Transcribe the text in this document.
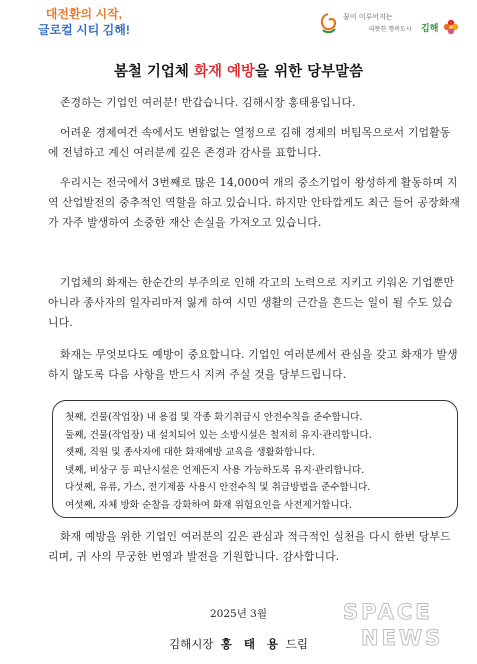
대전환의 시작,
글로컬 시티 김해!
꿈이 이루어지는
따뜻한 행복도시 김해
봄철 기업체 화재 예방을 위한 당부말씀
존경하는 기업인 여러분! 반갑습니다. 김해시장 홍태용입니다.
어려운 경제여건 속에서도 변함없는 열정으로 김해 경제의 버팀목으로서 기업활동에 전념하고 계신 여러분께 깊은 존경과 감사를 표합니다.
우리시는 전국에서 3번째로 많은 14,000여 개의 중소기업이 왕성하게 활동하며 지역 산업발전의 중추적인 역할을 하고 있습니다. 하지만 안타깝게도 최근 들어 공장화재가 자주 발생하여 소중한 재산 손실을 가져오고 있습니다.
기업체의 화재는 한순간의 부주의로 인해 각고의 노력으로 지키고 키워온 기업뿐만 아니라 종사자의 일자리마저 잃게 하여 시민 생활의 근간을 흔드는 일이 될 수도 있습니다.
화재는 무엇보다도 예방이 중요합니다. 기업인 여러분께서 관심을 갖고 화재가 발생하지 않도록 다음 사항을 반드시 지켜 주실 것을 당부드립니다.
첫째, 건물(작업장) 내 용접 및 각종 화기취급시 안전수칙을 준수합니다.
둘째, 건물(작업장) 내 설치되어 있는 소방시설은 철저히 유지·관리합니다.
셋째, 직원 및 종사자에 대한 화재예방 교육을 생활화합니다.
넷째, 비상구 등 피난시설은 언제든지 사용 가능하도록 유지·관리합니다.
다섯째, 유류, 가스, 전기제품 사용시 안전수칙 및 취급방법을 준수합니다.
여섯째, 자체 방화 순찰을 강화하여 화재 위험요인을 사전제거합니다.
화재 예방을 위한 기업인 여러분의 깊은 관심과 적극적인 실천을 다시 한번 당부드리며, 귀 사의 무궁한 번영과 발전을 기원합니다. 감사합니다.
2025년 3월
김해시장 홍 태 용 드림
SPACE
NEWS
